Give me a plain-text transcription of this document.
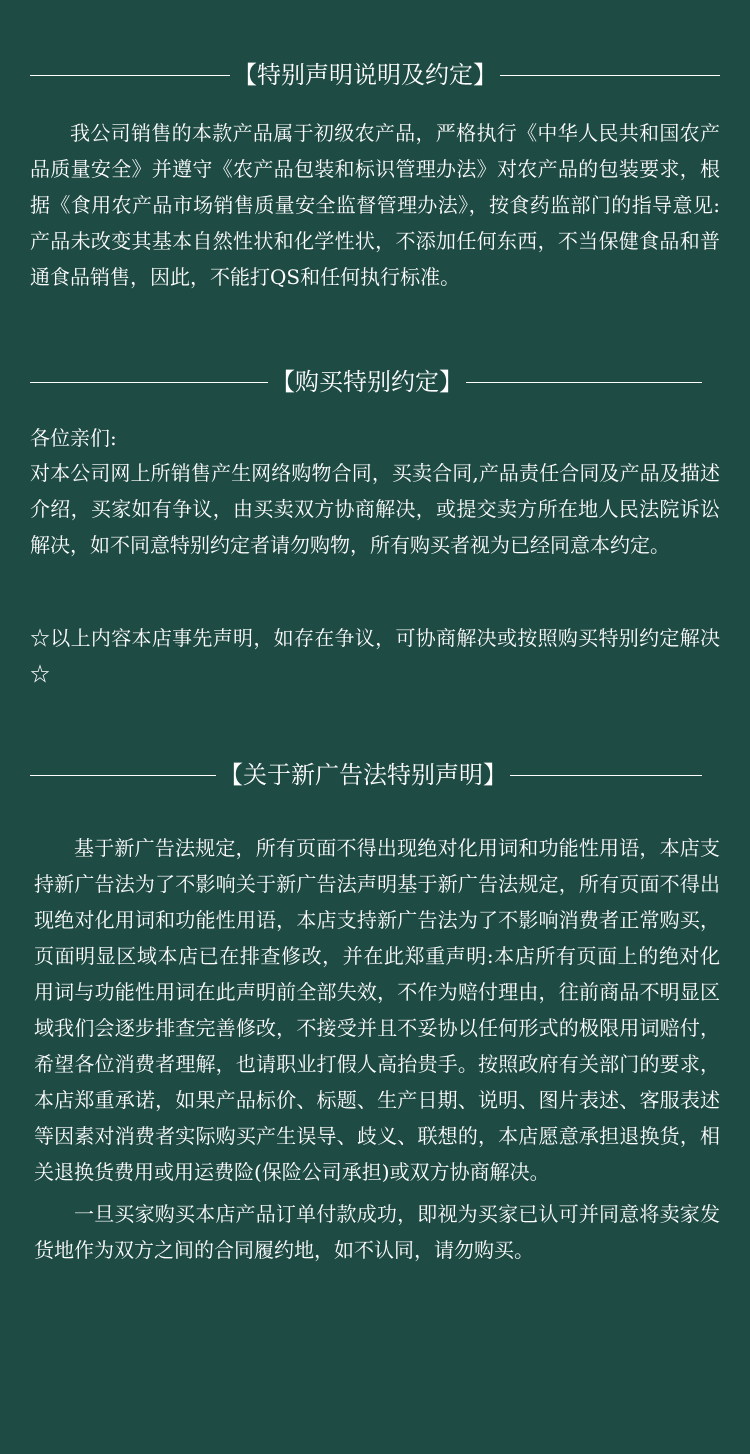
【特别声明说明及约定】

我公司销售的本款产品属于初级农产品，严格执行《中华人民共和国农产品质量安全》并遵守《农产品包装和标识管理办法》对农产品的包装要求，根据《食用农产品市场销售质量安全监督管理办法》，按食药监部门的指导意见:产品未改变其基本自然性状和化学性状，不添加任何东西，不当保健食品和普通食品销售，因此，不能打QS和任何执行标准。

【购买特别约定】

各位亲们:

对本公司网上所销售产生网络购物合同，买卖合同,产品责任合同及产品及描述介绍，买家如有争议，由买卖双方协商解决，或提交卖方所在地人民法院诉讼解决，如不同意特别约定者请勿购物，所有购买者视为已经同意本约定。

☆以上内容本店事先声明，如存在争议，可协商解决或按照购买特别约定解决☆

【关于新广告法特别声明】

基于新广告法规定，所有页面不得出现绝对化用词和功能性用语，本店支持新广告法为了不影响关于新广告法声明基于新广告法规定，所有页面不得出现绝对化用词和功能性用语，本店支持新广告法为了不影响消费者正常购买，页面明显区域本店已在排查修改，并在此郑重声明:本店所有页面上的绝对化用词与功能性用词在此声明前全部失效，不作为赔付理由，往前商品不明显区域我们会逐步排查完善修改，不接受并且不妥协以任何形式的极限用词赔付，希望各位消费者理解，也请职业打假人高抬贵手。按照政府有关部门的要求，本店郑重承诺，如果产品标价、标题、生产日期、说明、图片表述、客服表述等因素对消费者实际购买产生误导、歧义、联想的，本店愿意承担退换货，相关退换货费用或用运费险(保险公司承担)或双方协商解决。

一旦买家购买本店产品订单付款成功，即视为买家已认可并同意将卖家发货地作为双方之间的合同履约地，如不认同，请勿购买。
